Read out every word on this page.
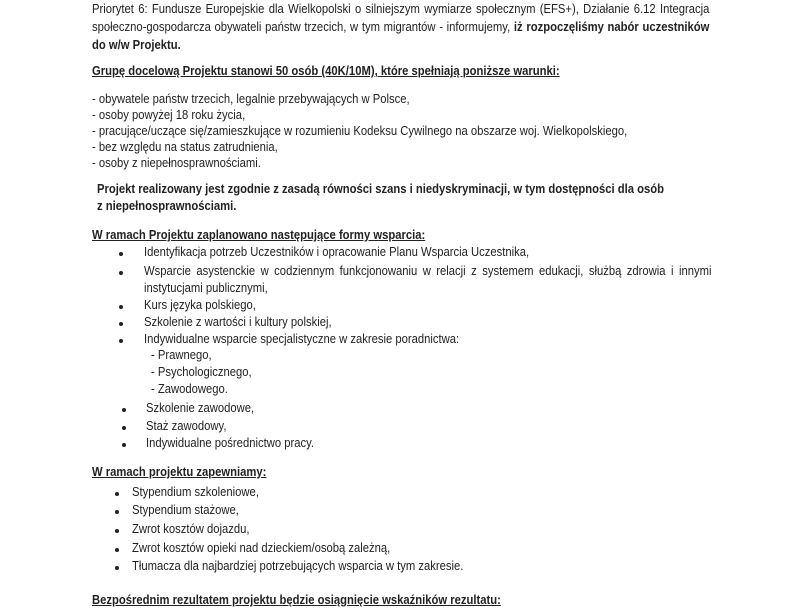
Priorytet 6: Fundusze Europejskie dla Wielkopolski o silniejszym wymiarze społecznym (EFS+), Działanie 6.12 Integracja społeczno-gospodarcza obywateli państw trzecich, w tym migrantów - informujemy, iż rozpoczęliśmy nabór uczestników do w/w Projektu.
Grupę docelową Projektu stanowi 50 osób (40K/10M), które spełniają poniższe warunki:
- obywatele państw trzecich, legalnie przebywających w Polsce,
- osoby powyżej 18 roku życia,
- pracujące/uczące się/zamieszkujące w rozumieniu Kodeksu Cywilnego na obszarze woj. Wielkopolskiego,
- bez względu na status zatrudnienia,
- osoby z niepełnosprawnościami.
Projekt realizowany jest zgodnie z zasadą równości szans i niedyskryminacji, w tym dostępności dla osób
z niepełnosprawnościami.
W ramach Projektu zaplanowano następujące formy wsparcia:
Identyfikacja potrzeb Uczestników i opracowanie Planu Wsparcia Uczestnika,
Wsparcie asystenckie w codziennym funkcjonowaniu w relacji z systemem edukacji, służbą zdrowia i innymi
instytucjami publicznymi,
Kurs języka polskiego,
Szkolenie z wartości i kultury polskiej,
Indywidualne wsparcie specjalistyczne w zakresie poradnictwa:
- Prawnego,
- Psychologicznego,
- Zawodowego.
Szkolenie zawodowe,
Staż zawodowy,
Indywidualne pośrednictwo pracy.
W ramach projektu zapewniamy:
Stypendium szkoleniowe,
Stypendium stażowe,
Zwrot kosztów dojazdu,
Zwrot kosztów opieki nad dzieckiem/osobą zależną,
Tłumacza dla najbardziej potrzebujących wsparcia w tym zakresie.
Bezpośrednim rezultatem projektu będzie osiągnięcie wskaźników rezultatu:
